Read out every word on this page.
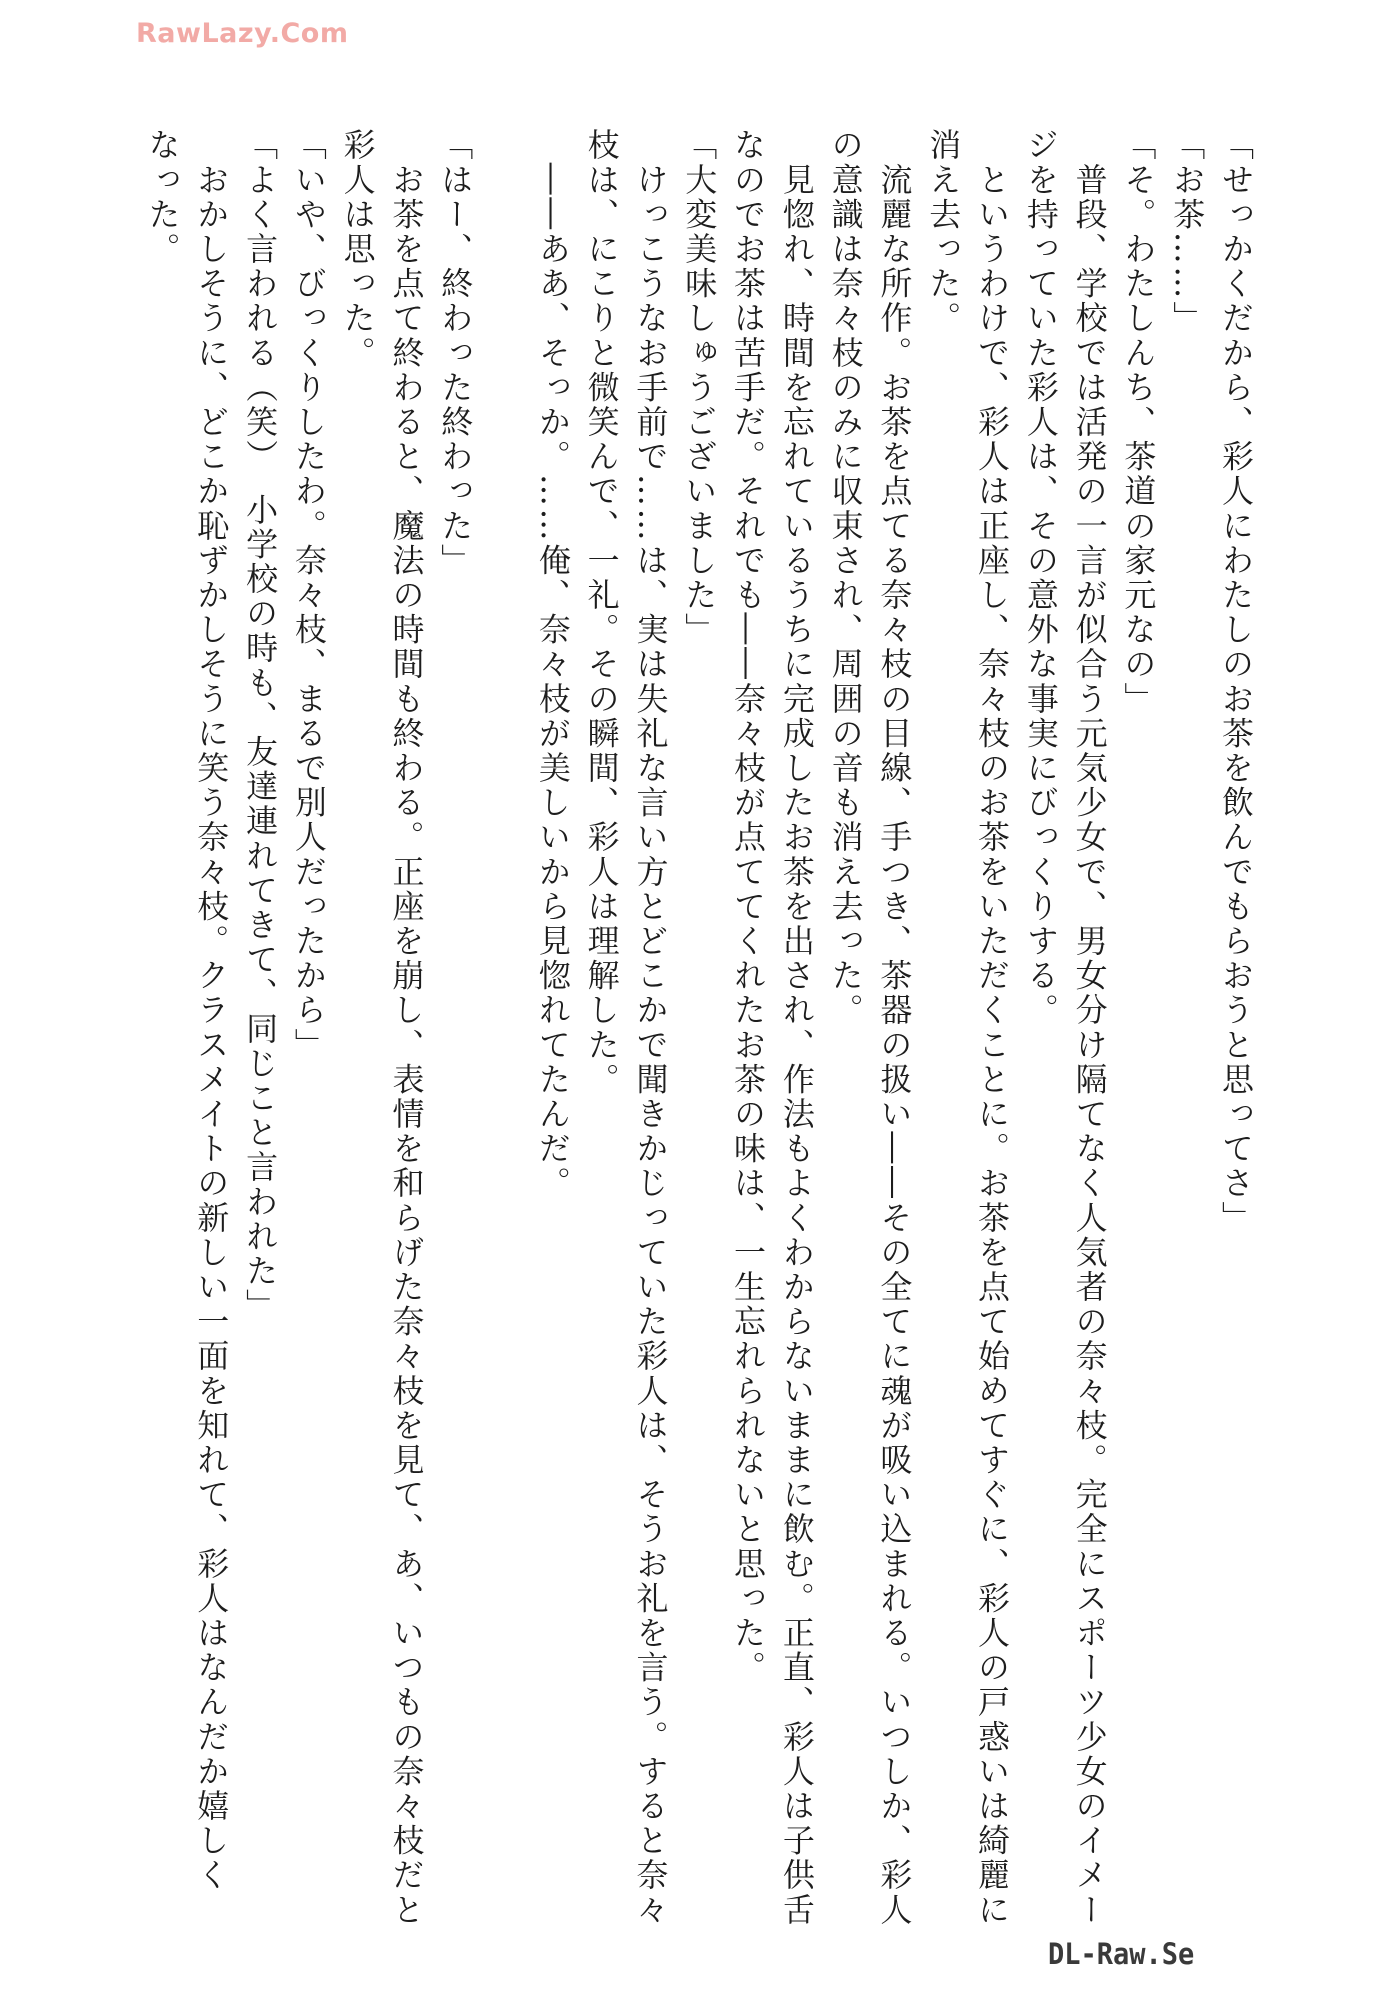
RawLazy.Com

「せっかくだから、彩人にわたしのお茶を飲んでもらおうと思ってさ」

「お茶……」

「そ。わたしんち、茶道の家元なの」

　普段、学校では活発の一言が似合う元気少女で、男女分け隔てなく人気者の奈々枝。完全にスポーツ少女のイメー

ジを持っていた彩人は、その意外な事実にびっくりする。

　というわけで、彩人は正座し、奈々枝のお茶をいただくことに。お茶を点て始めてすぐに、彩人の戸惑いは綺麗に

消え去った。

　流麗な所作。お茶を点てる奈々枝の目線、手つき、茶器の扱い――その全てに魂が吸い込まれる。いつしか、彩人

の意識は奈々枝のみに収束され、周囲の音も消え去った。

　見惚れ、時間を忘れているうちに完成したお茶を出され、作法もよくわからないままに飲む。正直、彩人は子供舌

なのでお茶は苦手だ。それでも――奈々枝が点ててくれたお茶の味は、一生忘れられないと思った。

「大変美味しゅうございました」

　けっこうなお手前で……は、実は失礼な言い方とどこかで聞きかじっていた彩人は、そうお礼を言う。すると奈々

枝は、にこりと微笑んで、一礼。その瞬間、彩人は理解した。

　――ああ、そっか。……俺、奈々枝が美しいから見惚れてたんだ。

「はー、終わった終わった」

　お茶を点て終わると、魔法の時間も終わる。正座を崩し、表情を和らげた奈々枝を見て、あ、いつもの奈々枝だと

彩人は思った。

「いや、びっくりしたわ。奈々枝、まるで別人だったから」

「よく言われる（笑）　小学校の時も、友達連れてきて、同じこと言われた」

　おかしそうに、どこか恥ずかしそうに笑う奈々枝。クラスメイトの新しい一面を知れて、彩人はなんだか嬉しく

なった。

DL-Raw.Se
